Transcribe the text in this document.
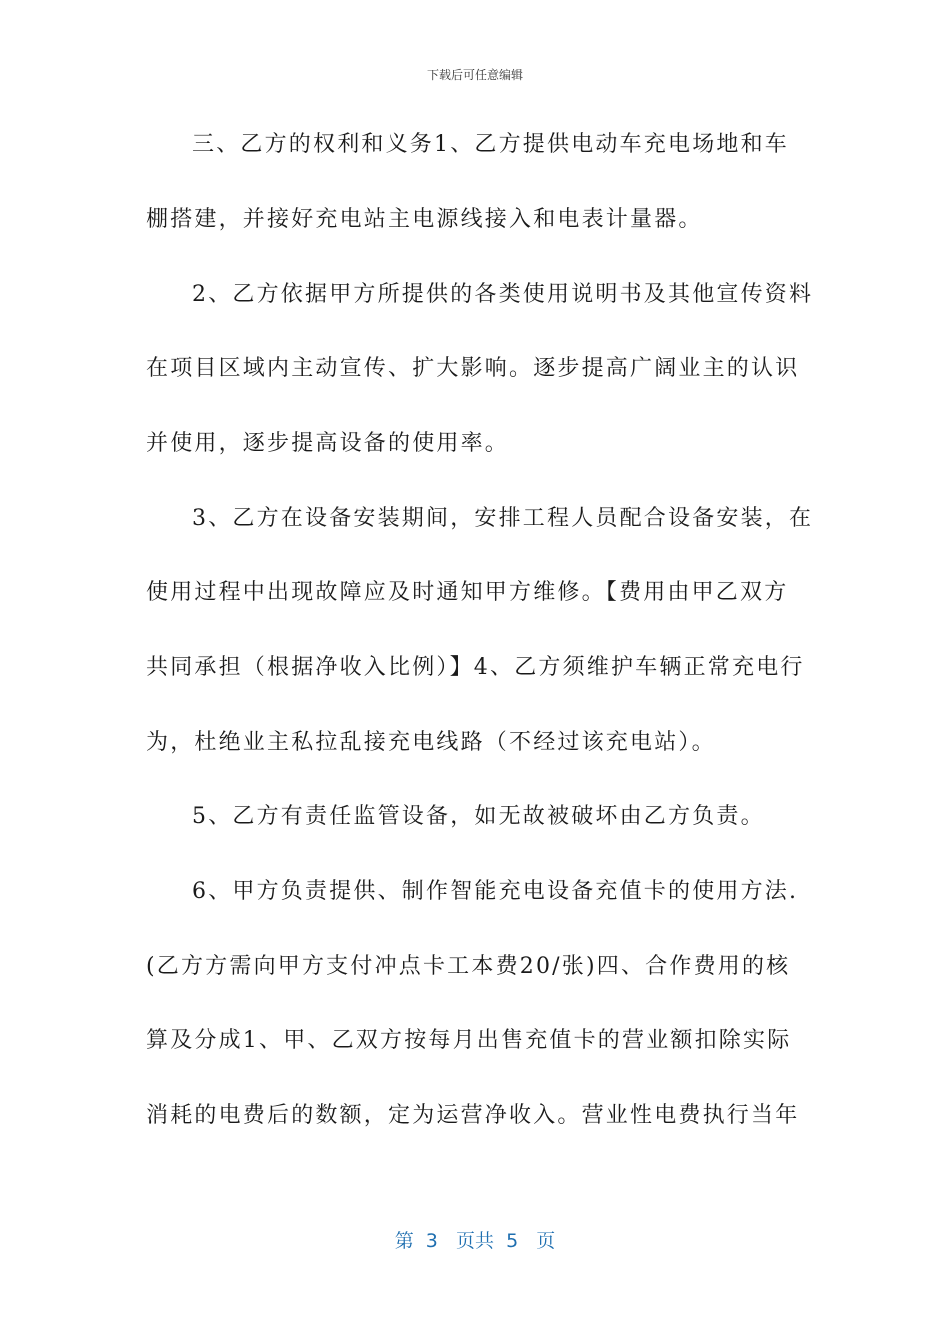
下载后可任意编辑
三、乙方的权利和义务1、乙方提供电动车充电场地和车
棚搭建，并接好充电站主电源线接入和电表计量器。
2、乙方依据甲方所提供的各类使用说明书及其他宣传资料
在项目区域内主动宣传、扩大影响。逐步提高广阔业主的认识
并使用，逐步提高设备的使用率。
3、乙方在设备安装期间，安排工程人员配合设备安装，在
使用过程中出现故障应及时通知甲方维修。【费用由甲乙双方
共同承担（根据净收入比例）】4、乙方须维护车辆正常充电行
为，杜绝业主私拉乱接充电线路（不经过该充电站）。
5、乙方有责任监管设备，如无故被破坏由乙方负责。
6、甲方负责提供、制作智能充电设备充值卡的使用方法.
(乙方方需向甲方支付冲点卡工本费20/张)四、合作费用的核
算及分成1、甲、乙双方按每月出售充值卡的营业额扣除实际
消耗的电费后的数额，定为运营净收入。营业性电费执行当年
第  3   页共  5   页
